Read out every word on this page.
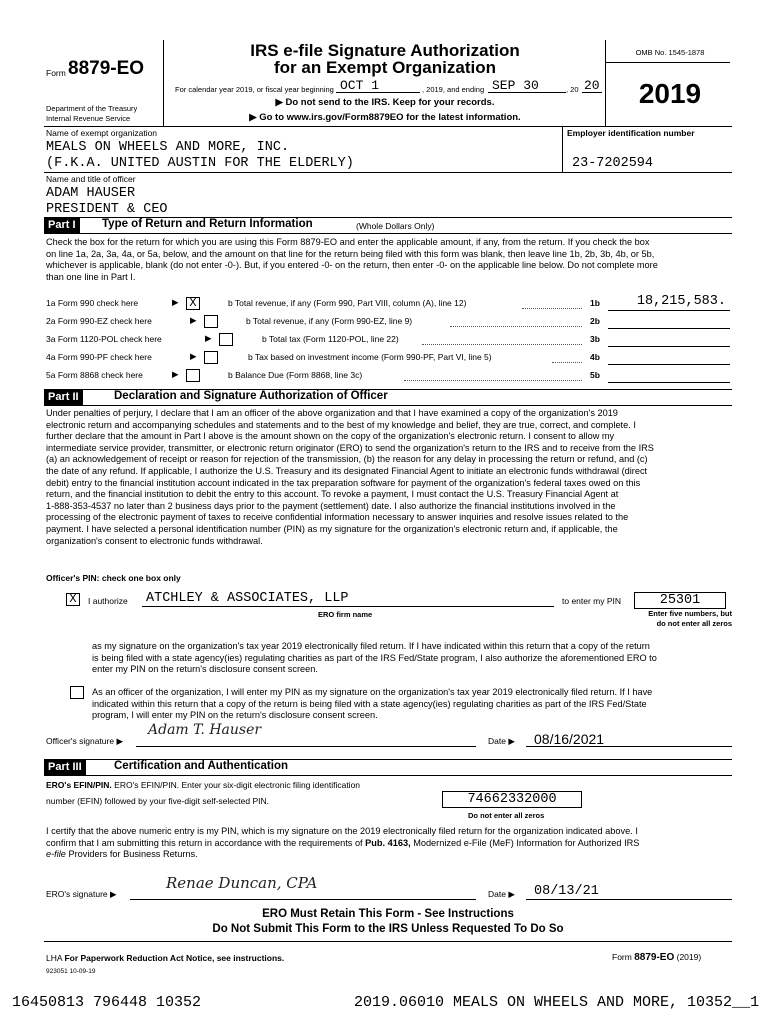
Form 8879-EO
Department of the Treasury
Internal Revenue Service
IRS e-file Signature Authorization
for an Exempt Organization
For calendar year 2019, or fiscal year beginning OCT 1	, 2019, and ending SEP 30	, 20 20
▶ Do not send to the IRS. Keep for your records.
▶ Go to www.irs.gov/Form8879EO for the latest information.
OMB No. 1545-1878
2019
Name of exempt organization
MEALS ON WHEELS AND MORE, INC.
(F.K.A. UNITED AUSTIN FOR THE ELDERLY)
Employer identification number
23-7202594
Name and title of officer
ADAM HAUSER
PRESIDENT & CEO
Part I	Type of Return and Return Information	(Whole Dollars Only)
Check the box for the return for which you are using this Form 8879-EO and enter the applicable amount, if any, from the return. If you check the box
on line 1a, 2a, 3a, 4a, or 5a, below, and the amount on that line for the return being filed with this form was blank, then leave line 1b, 2b, 3b, 4b, or 5b,
whichever is applicable, blank (do not enter -0-). But, if you entered -0- on the return, then enter -0- on the applicable line below. Do not complete more
than one line in Part I.
1a Form 990 check here	▶ X	b Total revenue, if any (Form 990, Part VIII, column (A), line 12)	1b	18,215,583.
2a Form 990-EZ check here	▶	b Total revenue, if any (Form 990-EZ, line 9)	2b
3a Form 1120-POL check here	▶	b Total tax (Form 1120-POL, line 22)	3b
4a Form 990-PF check here	▶	b Tax based on investment income (Form 990-PF, Part VI, line 5)	4b
5a Form 8868 check here	▶	b Balance Due (Form 8868, line 3c)	5b
Part II	Declaration and Signature Authorization of Officer
Under penalties of perjury, I declare that I am an officer of the above organization and that I have examined a copy of the organization's 2019
electronic return and accompanying schedules and statements and to the best of my knowledge and belief, they are true, correct, and complete. I
further declare that the amount in Part I above is the amount shown on the copy of the organization's electronic return. I consent to allow my
intermediate service provider, transmitter, or electronic return originator (ERO) to send the organization's return to the IRS and to receive from the IRS
(a) an acknowledgement of receipt or reason for rejection of the transmission, (b) the reason for any delay in processing the return or refund, and (c)
the date of any refund. If applicable, I authorize the U.S. Treasury and its designated Financial Agent to initiate an electronic funds withdrawal (direct
debit) entry to the financial institution account indicated in the tax preparation software for payment of the organization's federal taxes owed on this
return, and the financial institution to debit the entry to this account. To revoke a payment, I must contact the U.S. Treasury Financial Agent at
1-888-353-4537 no later than 2 business days prior to the payment (settlement) date. I also authorize the financial institutions involved in the
processing of the electronic payment of taxes to receive confidential information necessary to answer inquiries and resolve issues related to the
payment. I have selected a personal identification number (PIN) as my signature for the organization's electronic return and, if applicable, the
organization's consent to electronic funds withdrawal.
Officer's PIN: check one box only
X	I authorize ATCHLEY & ASSOCIATES, LLP	to enter my PIN	25301
ERO firm name	Enter five numbers, but
do not enter all zeros
as my signature on the organization's tax year 2019 electronically filed return. If I have indicated within this return that a copy of the return
is being filed with a state agency(ies) regulating charities as part of the IRS Fed/State program, I also authorize the aforementioned ERO to
enter my PIN on the return's disclosure consent screen.
As an officer of the organization, I will enter my PIN as my signature on the organization's tax year 2019 electronically filed return. If I have
indicated within this return that a copy of the return is being filed with a state agency(ies) regulating charities as part of the IRS Fed/State
program, I will enter my PIN on the return's disclosure consent screen.
Officer's signature ▶
Adam T. Hauser
Date ▶ 08/16/2021
Part III	Certification and Authentication
ERO's EFIN/PIN. ERO's EFIN/PIN. Enter your six-digit electronic filing identification
number (EFIN) followed by your five-digit self-selected PIN.	74662332000
Do not enter all zeros
I certify that the above numeric entry is my PIN, which is my signature on the 2019 electronically filed return for the organization indicated above. I
confirm that I am submitting this return in accordance with the requirements of Pub. 4163, Modernized e-File (MeF) Information for Authorized IRS
e-file Providers for Business Returns.
ERO's signature ▶
Renae Duncan, CPA
Date ▶ 08/13/21
ERO Must Retain This Form - See Instructions
Do Not Submit This Form to the IRS Unless Requested To Do So
LHA For Paperwork Reduction Act Notice, see instructions.	Form 8879-EO (2019)
923051 10-09-19
16450813 796448 10352	2019.06010 MEALS ON WHEELS AND MORE, 10352__1
